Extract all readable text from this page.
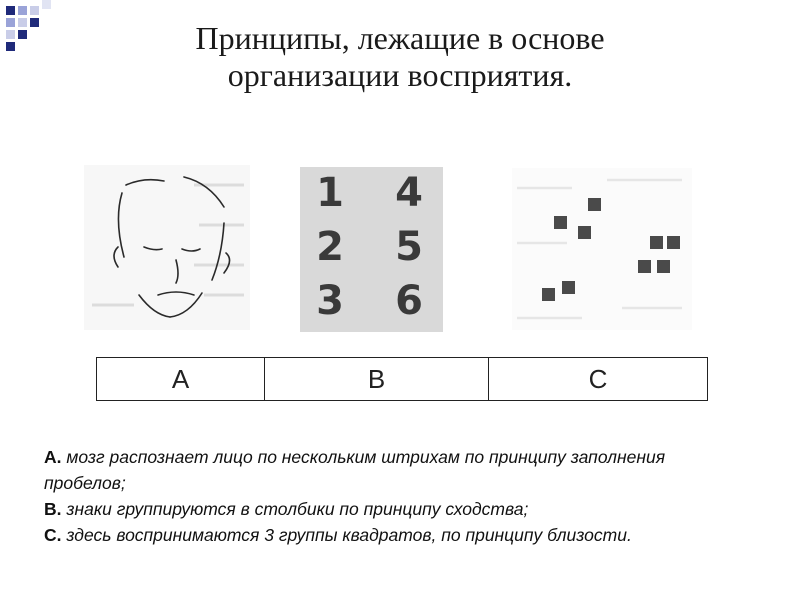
Принципы, лежащие в основе
организации восприятия.
1 4
2 5
3 6
A	B	C

А. мозг распознает лицо по нескольким штрихам по принципу заполнения пробелов;

В. знаки группируются в столбики по принципу сходства;

С. здесь воспринимаются 3 группы квадратов, по принципу близости.
